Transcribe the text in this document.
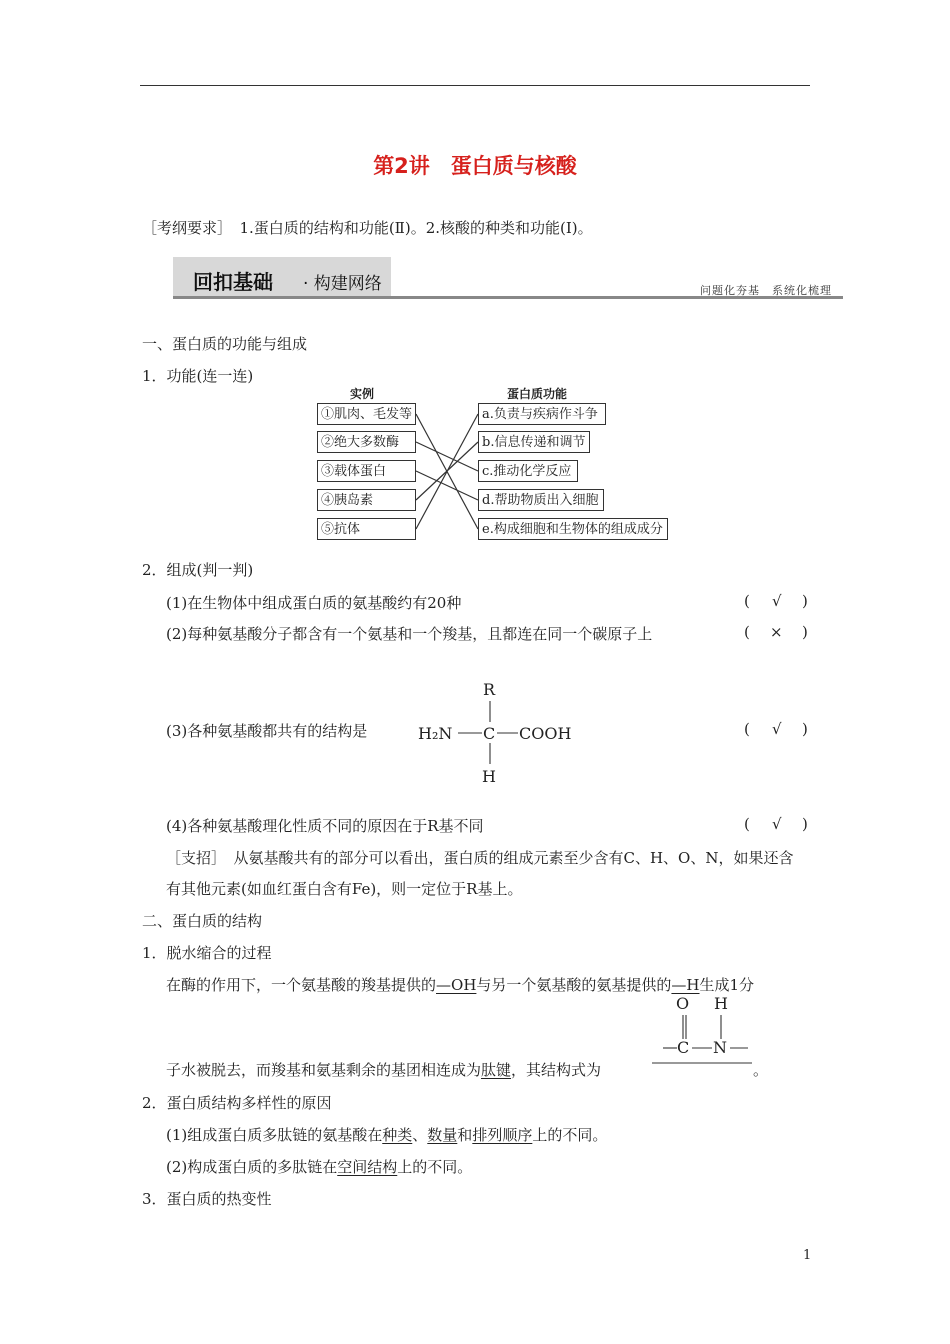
第2讲　蛋白质与核酸
［考纲要求］　1.蛋白质的结构和功能(Ⅱ)。2.核酸的种类和功能(Ⅰ)。
回扣基础 · 构建网络	问题化夯基　系统化梳理
一、蛋白质的功能与组成
1．功能(连一连)
实例	蛋白质功能
①肌肉、毛发等
②绝大多数酶
③载体蛋白
④胰岛素
⑤抗体
a.负责与疾病作斗争
b.信息传递和调节
c.推动化学反应
d.帮助物质出入细胞
e.构成细胞和生物体的组成成分
2．组成(判一判)
(1)在生物体中组成蛋白质的氨基酸约有20种	( √ )
(2)每种氨基酸分子都含有一个氨基和一个羧基，且都连在同一个碳原子上	( × )
(3)各种氨基酸都共有的结构是
R
H₂N C COOH
H
( √ )
(4)各种氨基酸理化性质不同的原因在于R基不同	( √ )
［支招］　从氨基酸共有的部分可以看出，蛋白质的组成元素至少含有C、H、O、N，如果还含
有其他元素(如血红蛋白含有Fe)，则一定位于R基上。
二、蛋白质的结构
1．脱水缩合的过程
在酶的作用下，一个氨基酸的羧基提供的—OH与另一个氨基酸的氨基提供的—H生成1分
O H
C N
子水被脱去，而羧基和氨基剩余的基团相连成为肽键，其结构式为	。
2．蛋白质结构多样性的原因
(1)组成蛋白质多肽链的氨基酸在种类、数量和排列顺序上的不同。
(2)构成蛋白质的多肽链在空间结构上的不同。
3．蛋白质的热变性
1
